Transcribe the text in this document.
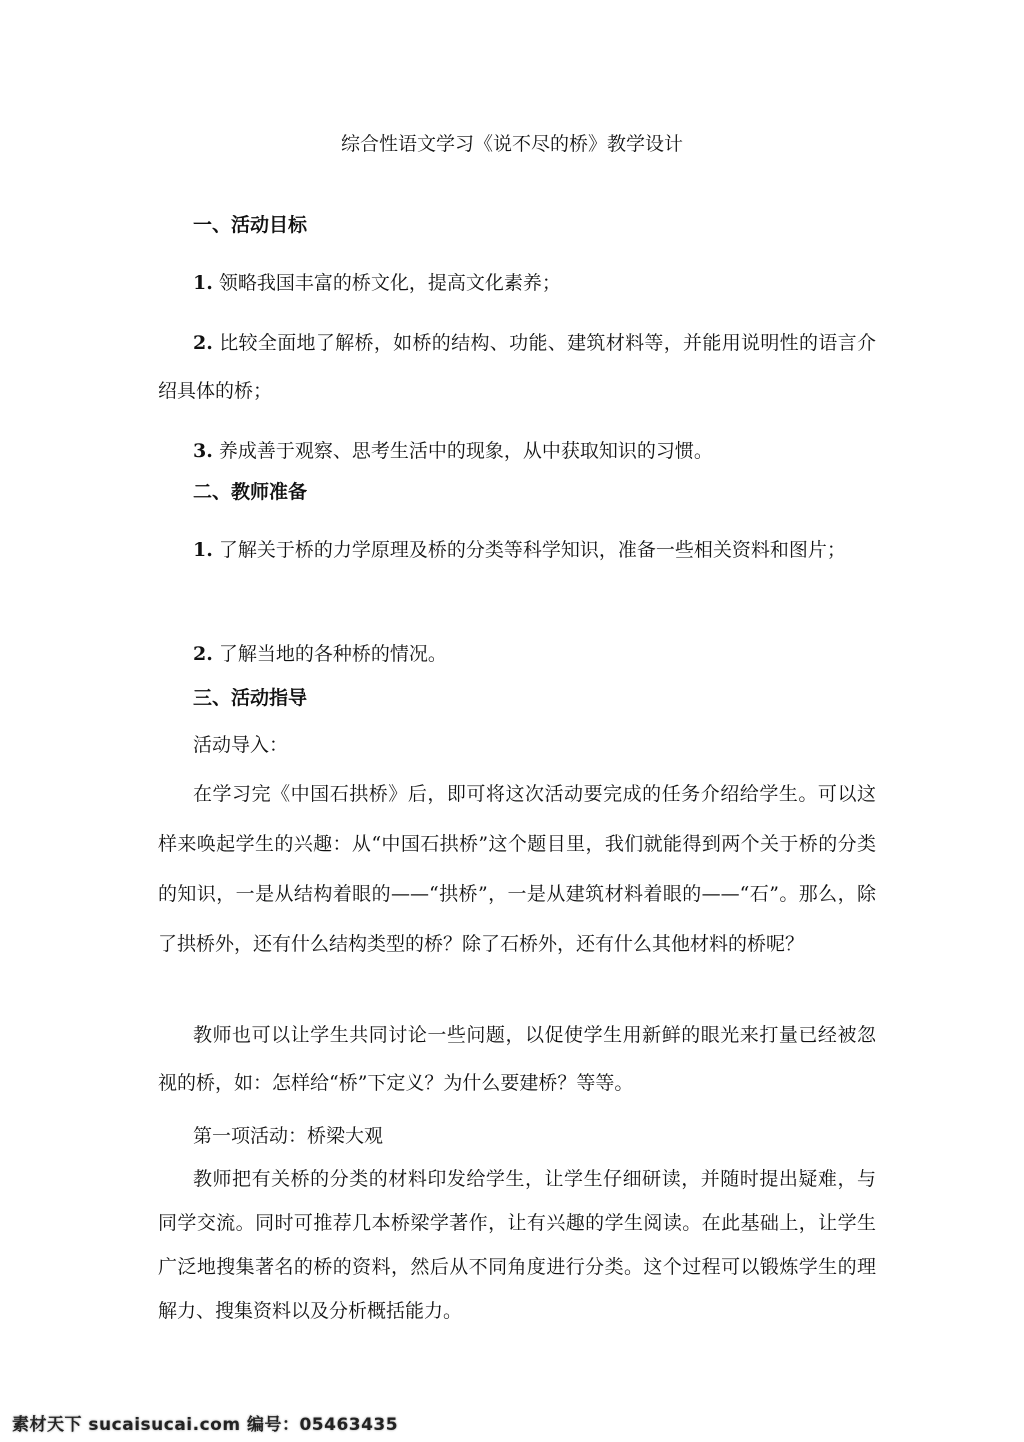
综合性语文学习《说不尽的桥》教学设计
一、活动目标

1. 领略我国丰富的桥文化，提高文化素养；

2. 比较全面地了解桥，如桥的结构、功能、建筑材料等，并能用说明性的语言介绍具体的桥；

3. 养成善于观察、思考生活中的现象，从中获取知识的习惯。

二、教师准备

1. 了解关于桥的力学原理及桥的分类等科学知识，准备一些相关资料和图片；

2. 了解当地的各种桥的情况。

三、活动指导

活动导入：

在学习完《中国石拱桥》后，即可将这次活动要完成的任务介绍给学生。可以这样来唤起学生的兴趣：从“中国石拱桥”这个题目里，我们就能得到两个关于桥的分类的知识，一是从结构着眼的——“拱桥”，一是从建筑材料着眼的——“石”。那么，除了拱桥外，还有什么结构类型的桥？除了石桥外，还有什么其他材料的桥呢？

教师也可以让学生共同讨论一些问题，以促使学生用新鲜的眼光来打量已经被忽视的桥，如：怎样给“桥”下定义？为什么要建桥？等等。

第一项活动：桥梁大观

教师把有关桥的分类的材料印发给学生，让学生仔细研读，并随时提出疑难，与同学交流。同时可推荐几本桥梁学著作，让有兴趣的学生阅读。在此基础上，让学生广泛地搜集著名的桥的资料，然后从不同角度进行分类。这个过程可以锻炼学生的理解力、搜集资料以及分析概括能力。

素材天下 sucaisucai.com 编号：05463435
